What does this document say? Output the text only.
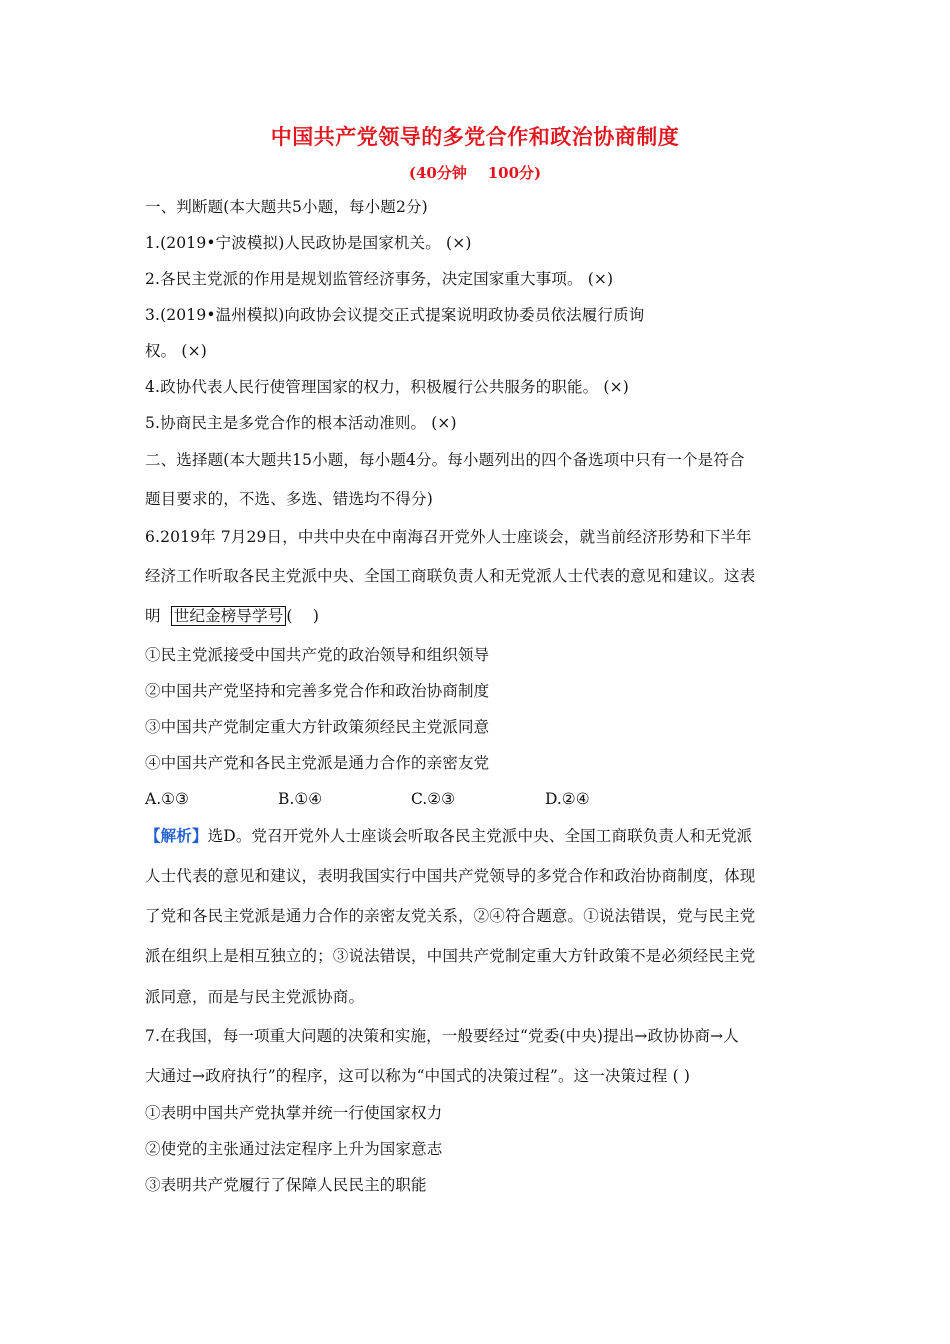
中国共产党领导的多党合作和政治协商制度
(40分钟    100分)
一、判断题(本大题共5小题，每小题2分)
1.(2019•宁波模拟)人民政协是国家机关。 (×)
2.各民主党派的作用是规划监管经济事务，决定国家重大事项。 (×)
3.(2019•温州模拟)向政协会议提交正式提案说明政协委员依法履行质询
权。 (×)
4.政协代表人民行使管理国家的权力，积极履行公共服务的职能。 (×)
5.协商民主是多党合作的根本活动准则。 (×)
二、选择题(本大题共15小题，每小题4分。每小题列出的四个备选项中只有一个是符合
题目要求的，不选、多选、错选均不得分)
6.2019年 7月29日，中共中央在中南海召开党外人士座谈会，就当前经济形势和下半年
经济工作听取各民主党派中央、全国工商联负责人和无党派人士代表的意见和建议。这表
明  世纪金榜导学号 (    )
①民主党派接受中国共产党的政治领导和组织领导
②中国共产党坚持和完善多党合作和政治协商制度
③中国共产党制定重大方针政策须经民主党派同意
④中国共产党和各民主党派是通力合作的亲密友党
A.①③	B.①④	C.②③	D.②④
【解析】选D。党召开党外人士座谈会听取各民主党派中央、全国工商联负责人和无党派
人士代表的意见和建议，表明我国实行中国共产党领导的多党合作和政治协商制度，体现
了党和各民主党派是通力合作的亲密友党关系，②④符合题意。①说法错误，党与民主党
派在组织上是相互独立的；③说法错误，中国共产党制定重大方针政策不是必须经民主党
派同意，而是与民主党派协商。
7.在我国，每一项重大问题的决策和实施，一般要经过“党委(中央)提出→政协协商→人
大通过→政府执行”的程序，这可以称为“中国式的决策过程”。这一决策过程 ( )
①表明中国共产党执掌并统一行使国家权力
②使党的主张通过法定程序上升为国家意志
③表明共产党履行了保障人民民主的职能
